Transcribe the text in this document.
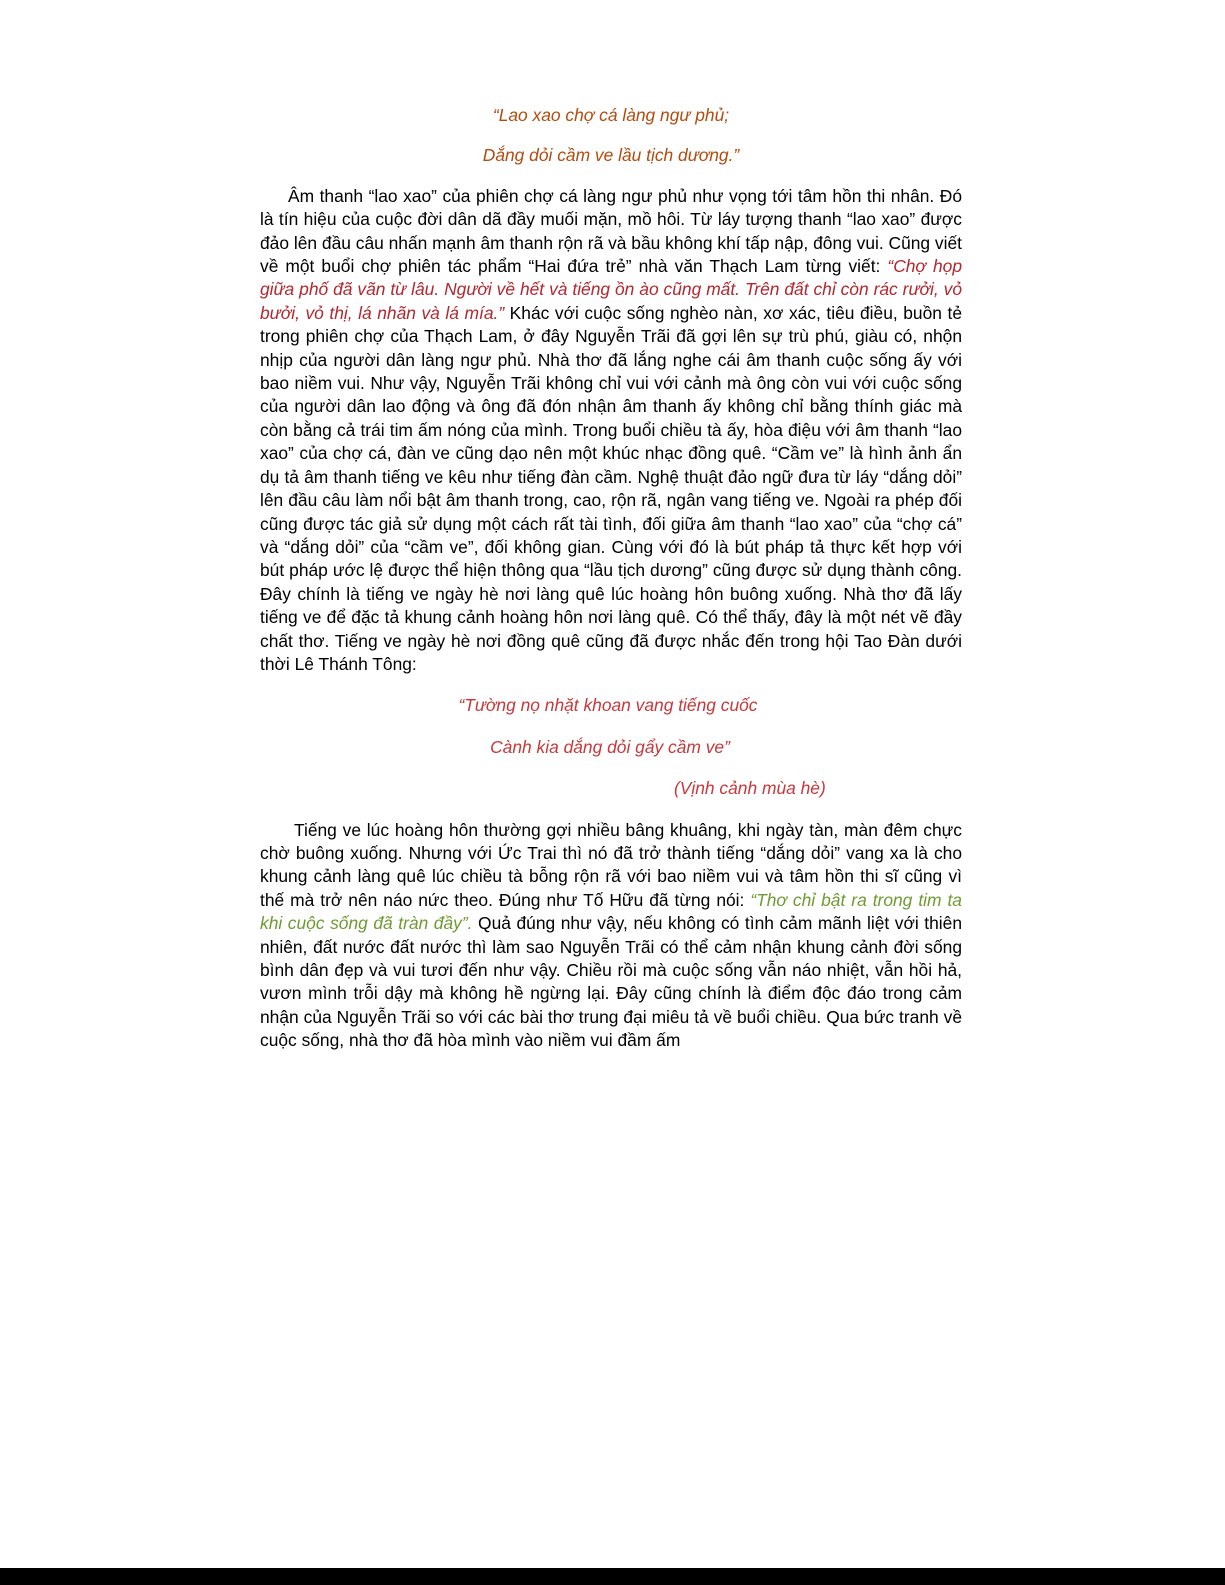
“Lao xao chợ cá làng ngư phủ;

Dắng dỏi cầm ve lầu tịch dương.”

Âm thanh “lao xao” của phiên chợ cá làng ngư phủ như vọng tới tâm hồn thi nhân. Đó là tín hiệu của cuộc đời dân dã đầy muối mặn, mồ hôi. Từ láy tượng thanh “lao xao” được đảo lên đầu câu nhấn mạnh âm thanh rộn rã và bầu không khí tấp nập, đông vui. Cũng viết về một buổi chợ phiên tác phẩm “Hai đứa trẻ” nhà văn Thạch Lam từng viết: “Chợ họp giữa phố đã vãn từ lâu. Người về hết và tiếng ồn ào cũng mất. Trên đất chỉ còn rác rưởi, vỏ bưởi, vỏ thị, lá nhãn và lá mía.” Khác với cuộc sống nghèo nàn, xơ xác, tiêu điều, buồn tẻ trong phiên chợ của Thạch Lam, ở đây Nguyễn Trãi đã gợi lên sự trù phú, giàu có, nhộn nhịp của người dân làng ngư phủ. Nhà thơ đã lắng nghe cái âm thanh cuộc sống ấy với bao niềm vui. Như vậy, Nguyễn Trãi không chỉ vui với cảnh mà ông còn vui với cuộc sống của người dân lao động và ông đã đón nhận âm thanh ấy không chỉ bằng thính giác mà còn bằng cả trái tim ấm nóng của mình. Trong buổi chiều tà ấy, hòa điệu với âm thanh “lao xao” của chợ cá, đàn ve cũng dạo nên một khúc nhạc đồng quê. “Cầm ve” là hình ảnh ẩn dụ tả âm thanh tiếng ve kêu như tiếng đàn cầm. Nghệ thuật đảo ngữ đưa từ láy “dắng dỏi” lên đầu câu làm nổi bật âm thanh trong, cao, rộn rã, ngân vang tiếng ve. Ngoài ra phép đối cũng được tác giả sử dụng một cách rất tài tình, đối giữa âm thanh “lao xao” của “chợ cá” và “dắng dỏi” của “cầm ve”, đối không gian. Cùng với đó là bút pháp tả thực kết hợp với bút pháp ước lệ được thể hiện thông qua “lầu tịch dương” cũng được sử dụng thành công. Đây chính là tiếng ve ngày hè nơi làng quê lúc hoàng hôn buông xuống. Nhà thơ đã lấy tiếng ve để đặc tả khung cảnh hoàng hôn nơi làng quê. Có thể thấy, đây là một nét vẽ đầy chất thơ. Tiếng ve ngày hè nơi đồng quê cũng đã được nhắc đến trong hội Tao Đàn dưới thời Lê Thánh Tông:

“Tường nọ nhặt khoan vang tiếng cuốc

Cành kia dắng dỏi gẩy cầm ve”

(Vịnh cảnh mùa hè)

Tiếng ve lúc hoàng hôn thường gợi nhiều bâng khuâng, khi ngày tàn, màn đêm chực chờ buông xuống. Nhưng với Ức Trai thì nó đã trở thành tiếng “dắng dỏi” vang xa là cho khung cảnh làng quê lúc chiều tà bỗng rộn rã với bao niềm vui và tâm hồn thi sĩ cũng vì thế mà trở nên náo nức theo. Đúng như Tố Hữu đã từng nói: “Thơ chỉ bật ra trong tim ta khi cuộc sống đã tràn đầy”. Quả đúng như vậy, nếu không có tình cảm mãnh liệt với thiên nhiên, đất nước đất nước thì làm sao Nguyễn Trãi có thể cảm nhận khung cảnh đời sống bình dân đẹp và vui tươi đến như vậy. Chiều rồi mà cuộc sống vẫn náo nhiệt, vẫn hồi hả, vươn mình trỗi dậy mà không hề ngừng lại. Đây cũng chính là điểm độc đáo trong cảm nhận của Nguyễn Trãi so với các bài thơ trung đại miêu tả về buổi chiều. Qua bức tranh về cuộc sống, nhà thơ đã hòa mình vào niềm vui đầm ấm
